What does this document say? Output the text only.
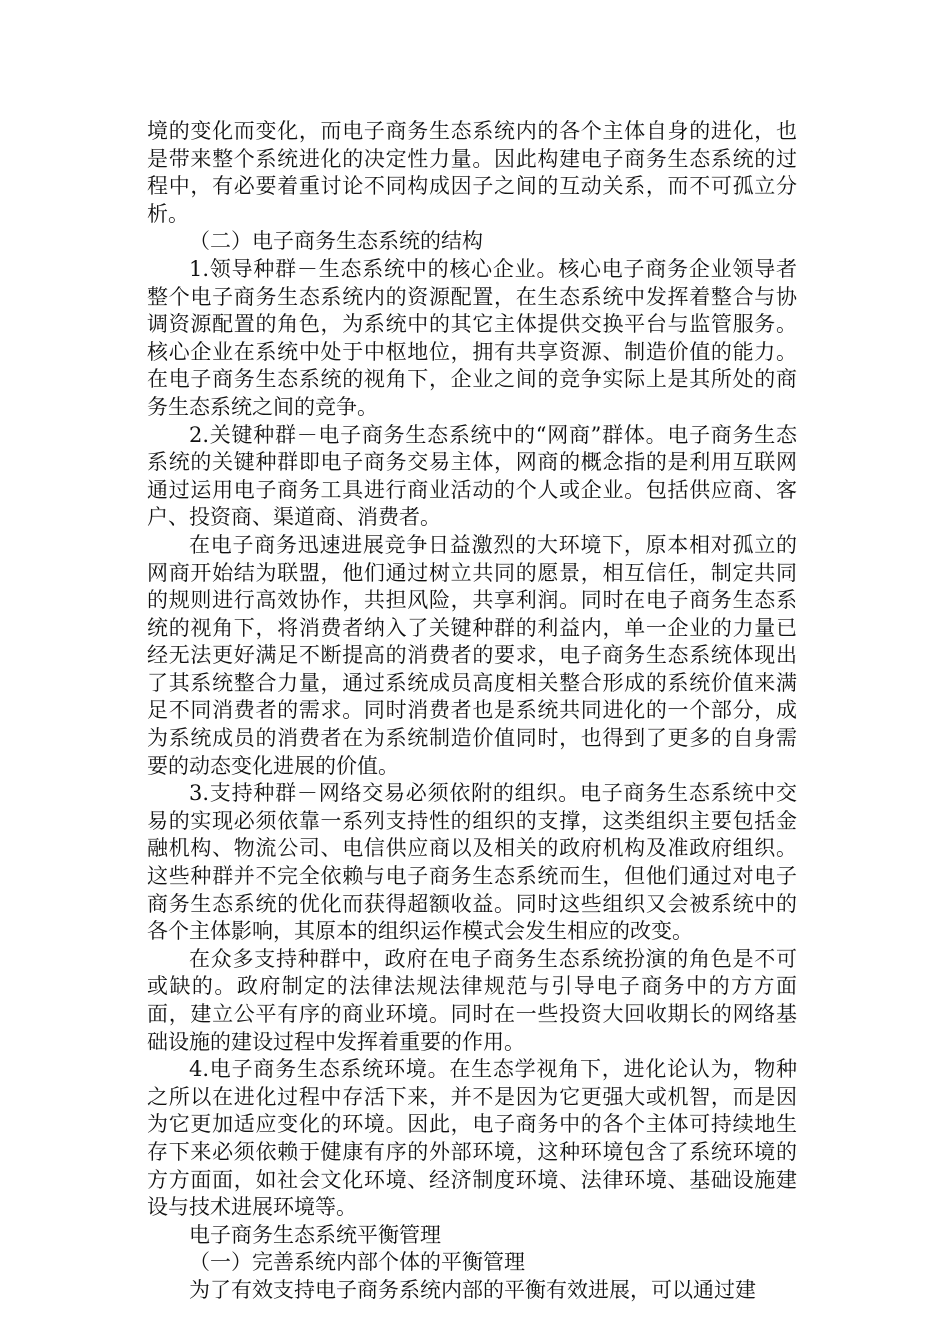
境的变化而变化，而电子商务生态系统内的各个主体自身的进化，也是带来整个系统进化的决定性力量。因此构建电子商务生态系统的过程中，有必要着重讨论不同构成因子之间的互动关系，而不可孤立分析。

（二）电子商务生态系统的结构

1.领导种群－生态系统中的核心企业。核心电子商务企业领导者整个电子商务生态系统内的资源配置，在生态系统中发挥着整合与协调资源配置的角色，为系统中的其它主体提供交换平台与监管服务。核心企业在系统中处于中枢地位，拥有共享资源、制造价值的能力。在电子商务生态系统的视角下，企业之间的竞争实际上是其所处的商务生态系统之间的竞争。

2.关键种群－电子商务生态系统中的“网商”群体。电子商务生态系统的关键种群即电子商务交易主体，网商的概念指的是利用互联网通过运用电子商务工具进行商业活动的个人或企业。包括供应商、客户、投资商、渠道商、消费者。

在电子商务迅速进展竞争日益激烈的大环境下，原本相对孤立的网商开始结为联盟，他们通过树立共同的愿景，相互信任，制定共同的规则进行高效协作，共担风险，共享利润。同时在电子商务生态系统的视角下，将消费者纳入了关键种群的利益内，单一企业的力量已经无法更好满足不断提高的消费者的要求，电子商务生态系统体现出了其系统整合力量，通过系统成员高度相关整合形成的系统价值来满足不同消费者的需求。同时消费者也是系统共同进化的一个部分，成为系统成员的消费者在为系统制造价值同时，也得到了更多的自身需要的动态变化进展的价值。

3.支持种群－网络交易必须依附的组织。电子商务生态系统中交易的实现必须依靠一系列支持性的组织的支撑，这类组织主要包括金融机构、物流公司、电信供应商以及相关的政府机构及准政府组织。这些种群并不完全依赖与电子商务生态系统而生，但他们通过对电子商务生态系统的优化而获得超额收益。同时这些组织又会被系统中的各个主体影响，其原本的组织运作模式会发生相应的改变。

在众多支持种群中，政府在电子商务生态系统扮演的角色是不可或缺的。政府制定的法律法规法律规范与引导电子商务中的方方面面，建立公平有序的商业环境。同时在一些投资大回收期长的网络基础设施的建设过程中发挥着重要的作用。

4.电子商务生态系统环境。在生态学视角下，进化论认为，物种之所以在进化过程中存活下来，并不是因为它更强大或机智，而是因为它更加适应变化的环境。因此，电子商务中的各个主体可持续地生存下来必须依赖于健康有序的外部环境，这种环境包含了系统环境的方方面面，如社会文化环境、经济制度环境、法律环境、基础设施建设与技术进展环境等。

电子商务生态系统平衡管理

（一）完善系统内部个体的平衡管理

为了有效支持电子商务系统内部的平衡有效进展，可以通过建
